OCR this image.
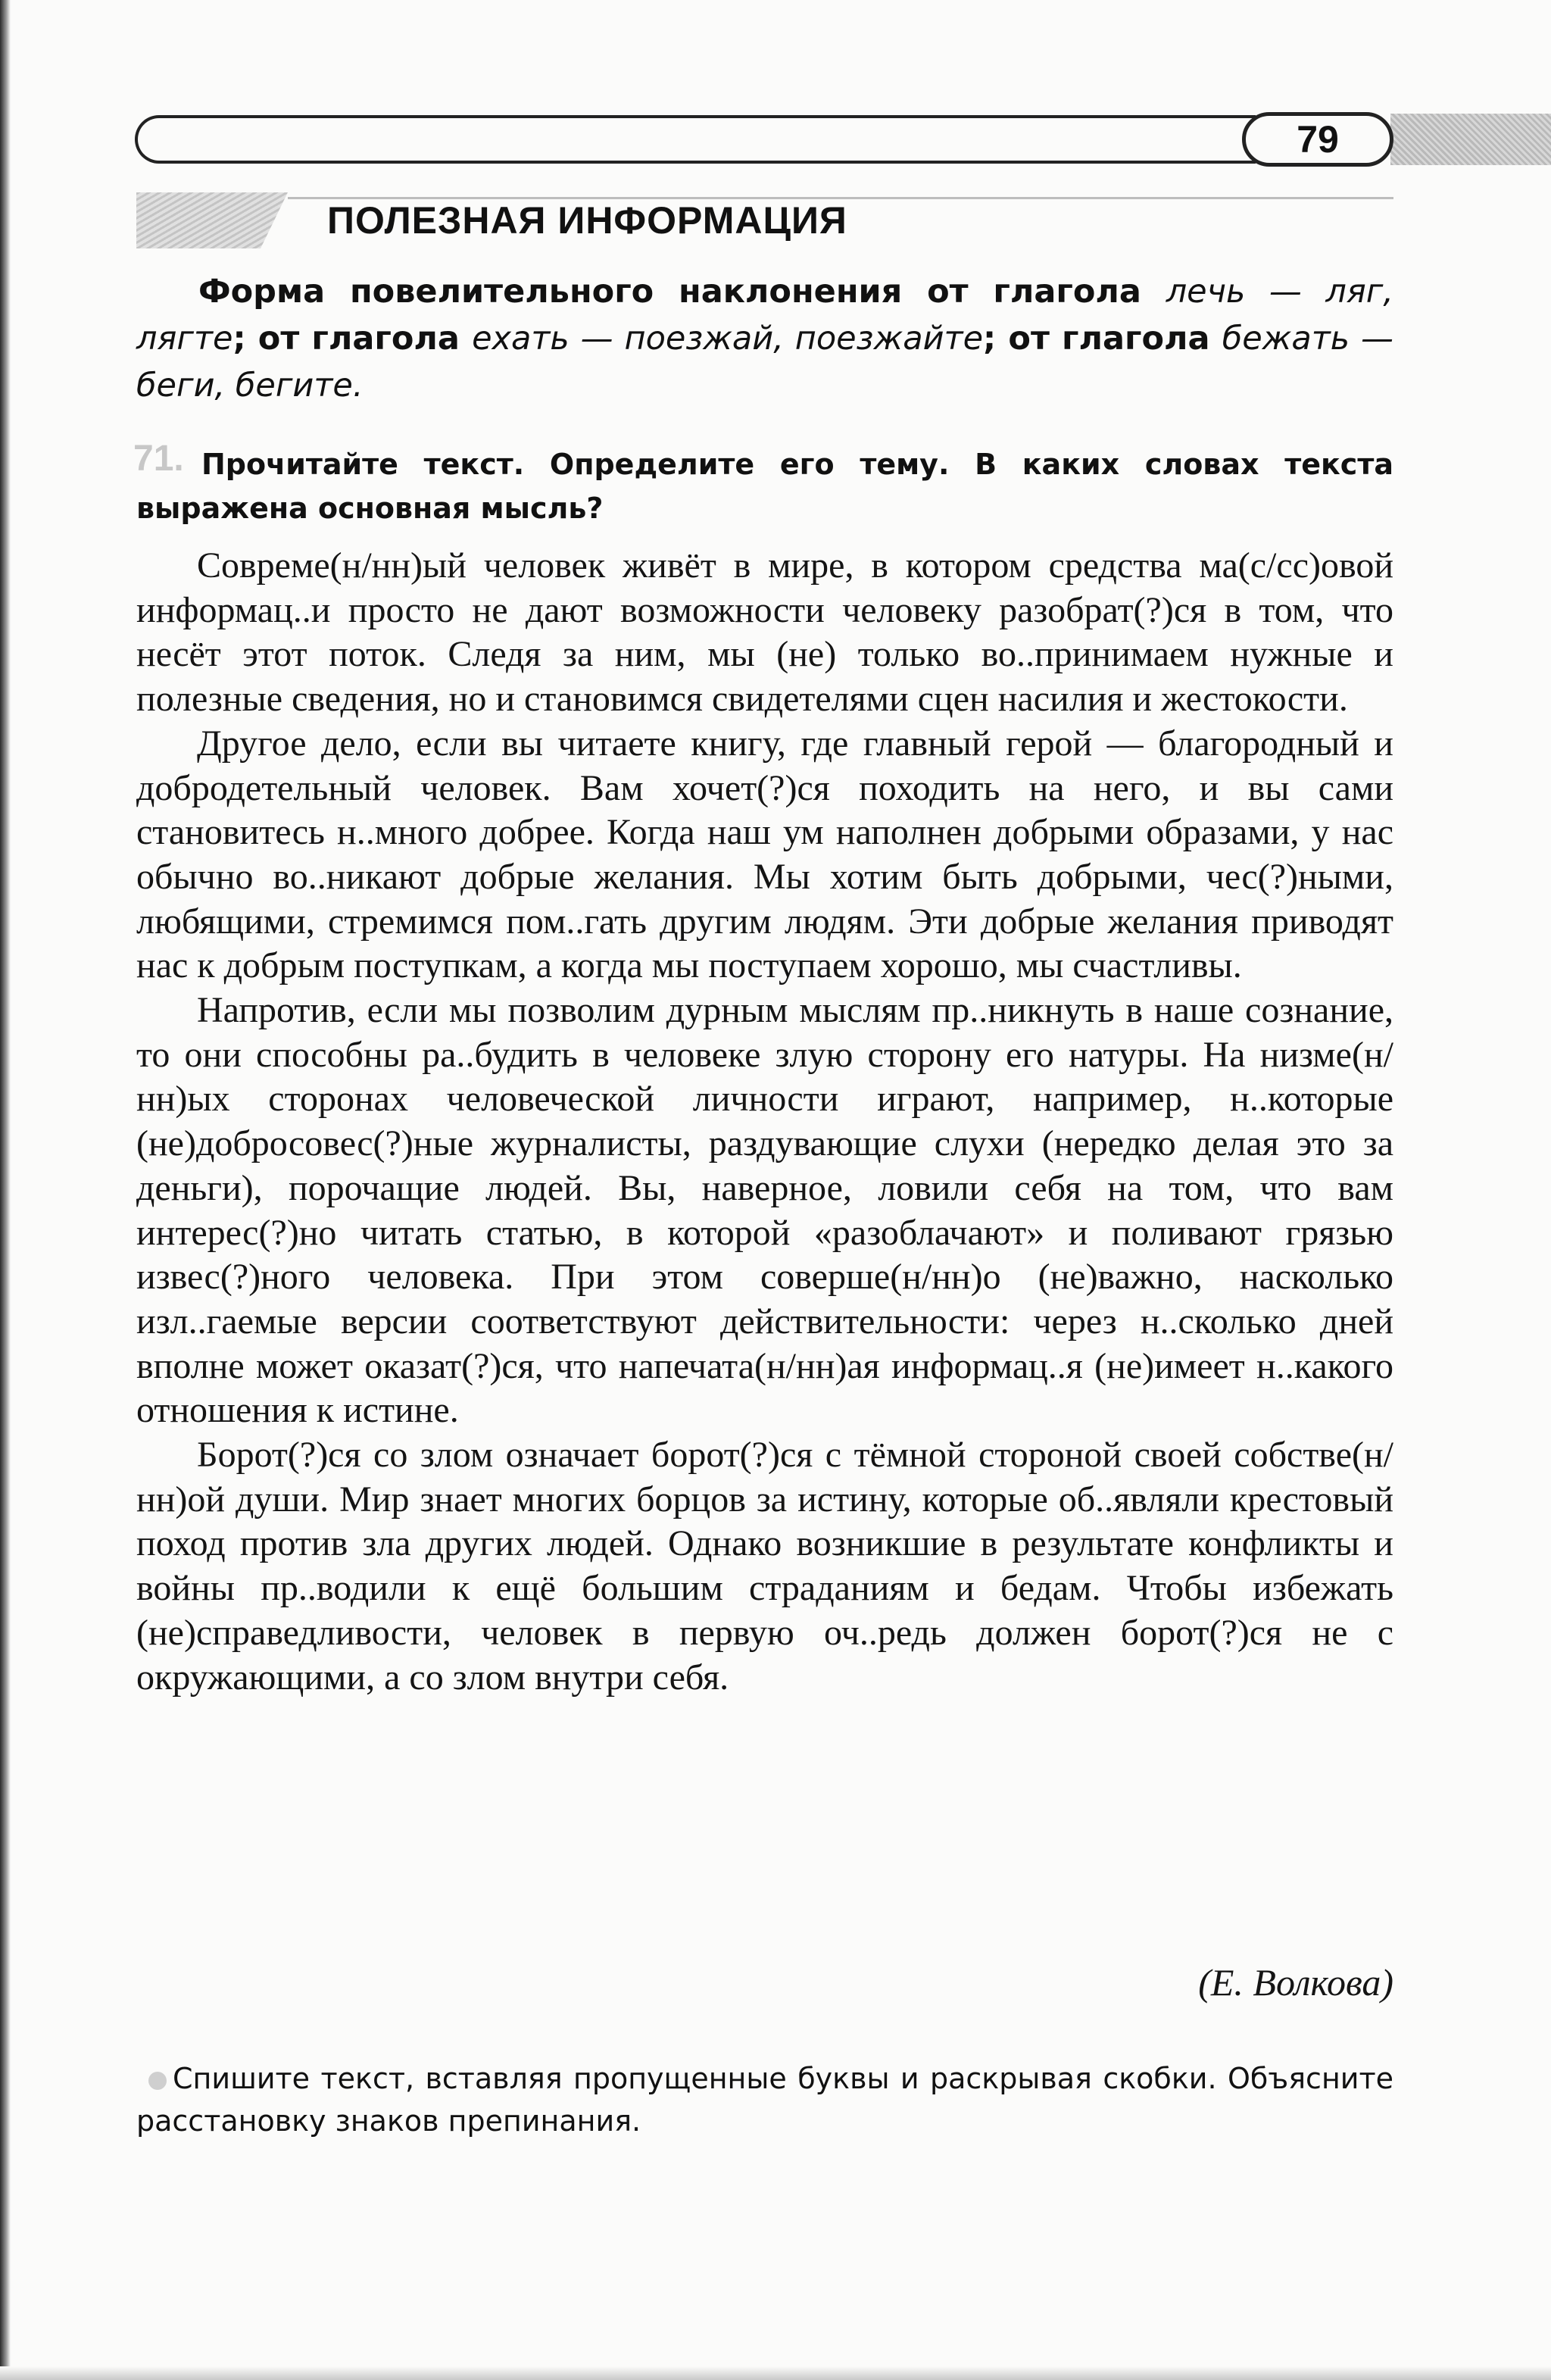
79
ПОЛЕЗНАЯ ИНФОРМАЦИЯ
Форма повелительного наклонения от глагола лечь — ляг, лягте; от глагола ехать — поезжай, поезжайте; от глагола бежать — беги, бегите.
71. Прочитайте текст. Определите его тему. В каких словах текста выражена основная мысль?

Совреме(н/нн)ый человек живёт в мире, в котором средства ма(с/сс)овой информац..и просто не дают возможности человеку разобрат(?)ся в том, что несёт этот поток. Следя за ним, мы (не) только во..принимаем нужные и полезные сведения, но и становимся свидетелями сцен насилия и жестокости.

Другое дело, если вы читаете книгу, где главный герой — благородный и добродетельный человек. Вам хочет(?)ся походить на него, и вы сами становитесь н..много добрее. Когда наш ум наполнен добрыми образами, у нас обычно во..никают добрые желания. Мы хотим быть добрыми, чес(?)ными, любящими, стремимся пом..гать другим людям. Эти добрые желания приводят нас к добрым поступкам, а когда мы поступаем хорошо, мы счастливы.

Напротив, если мы позволим дурным мыслям пр..никнуть в наше сознание, то они способны ра..будить в человеке злую сторону его натуры. На низме(н/нн)ых сторонах человеческой личности играют, например, н..которые (не)добросовес(?)ные журналисты, раздувающие слухи (нередко делая это за деньги), порочащие людей. Вы, наверное, ловили себя на том, что вам интерес(?)но читать статью, в которой «разоблачают» и поливают грязью извес(?)ного человека. При этом соверше(н/нн)о (не)важно, насколько изл..гаемые версии соответствуют действительности: через н..сколько дней вполне может оказат(?)ся, что напечата(н/нн)ая информац..я (не)имеет н..какого отношения к истине.

Борот(?)ся со злом означает борот(?)ся с тёмной стороной своей собстве(н/нн)ой души. Мир знает многих борцов за истину, которые об..являли крестовый поход против зла других людей. Однако возникшие в результате конфликты и войны пр..водили к ещё большим страданиям и бедам. Чтобы избежать (не)справедливости, человек в первую оч..редь должен борот(?)ся не с окружающими, а со злом внутри себя.

(Е. Волкова)
Спишите текст, вставляя пропущенные буквы и раскрывая скобки. Объясните расстановку знаков препинания.
